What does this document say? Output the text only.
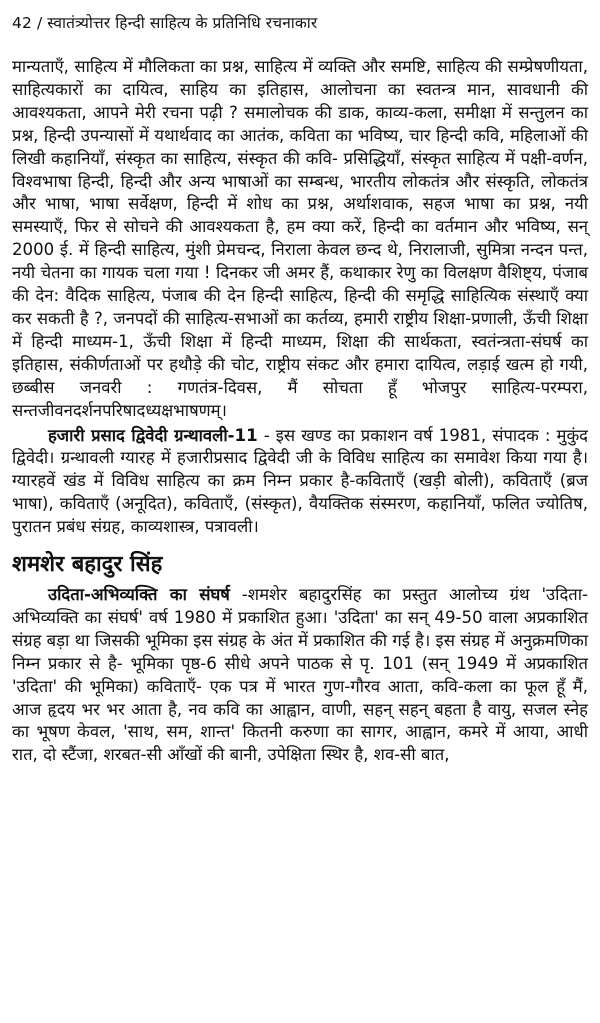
42 / स्वातंत्र्योत्तर हिन्दी साहित्य के प्रतिनिधि रचनाकार

मान्यताएँ, साहित्य में मौलिकता का प्रश्न, साहित्य में व्यक्ति और समष्टि, साहित्य की सम्प्रेषणीयता, साहित्यकारों का दायित्व, साहिय का इतिहास, आलोचना का स्वतन्त्र मान, सावधानी की आवश्यकता, आपने मेरी रचना पढ़ी ? समालोचक की डाक, काव्य-कला, समीक्षा में सन्तुलन का प्रश्न, हिन्दी उपन्यासों में यथार्थवाद का आतंक, कविता का भविष्य, चार हिन्दी कवि, महिलाओं की लिखी कहानियाँ, संस्कृत का साहित्य, संस्कृत की कवि- प्रसिद्धियाँ, संस्कृत साहित्य में पक्षी-वर्णन, विश्वभाषा हिन्दी, हिन्दी और अन्य भाषाओं का सम्बन्ध, भारतीय लोकतंत्र और संस्कृति, लोकतंत्र और भाषा, भाषा सर्वेक्षण, हिन्दी में शोध का प्रश्न, अर्थाशवाक, सहज भाषा का प्रश्न, नयी समस्याएँ, फिर से सोचने की आवश्यकता है, हम क्या करें, हिन्दी का वर्तमान और भविष्य, सन् 2000 ई. में हिन्दी साहित्य, मुंशी प्रेमचन्द, निराला केवल छन्द थे, निरालाजी, सुमित्रा नन्दन पन्त, नयी चेतना का गायक चला गया ! दिनकर जी अमर हैं, कथाकार रेणु का विलक्षण वैशिष्ट्य, पंजाब की देन: वैदिक साहित्य, पंजाब की देन हिन्दी साहित्य, हिन्दी की समृद्धि साहित्यिक संस्थाएँ क्या कर सकती है ?, जनपदों की साहित्य-सभाओं का कर्तव्य, हमारी राष्ट्रीय शिक्षा-प्रणाली, ऊँची शिक्षा में हिन्दी माध्यम-1, ऊँची शिक्षा में हिन्दी माध्यम, शिक्षा की सार्थकता, स्वतंन्त्रता-संघर्ष का इतिहास, संकीर्णताओं पर हथौड़े की चोट, राष्ट्रीय संकट और हमारा दायित्व, लड़ाई खत्म हो गयी, छब्बीस जनवरी : गणतंत्र-दिवस, मैं सोचता हूँ भोजपुर साहित्य-परम्परा, सन्तजीवनदर्शनपरिषादध्यक्षभाषणम्।

हजारी प्रसाद द्विवेदी ग्रन्थावली-11 - इस खण्ड का प्रकाशन वर्ष 1981, संपादक : मुकुंद द्विवेदी। ग्रन्थावली ग्यारह में हजारीप्रसाद द्विवेदी जी के विविध साहित्य का समावेश किया गया है। ग्यारहवें खंड में विविध साहित्य का क्रम निम्न प्रकार है-कविताएँ (खड़ी बोली), कविताएँ (ब्रज भाषा), कविताएँ (अनूदित), कविताएँ, (संस्कृत), वैयक्तिक संस्मरण, कहानियाँ, फलित ज्योतिष, पुरातन प्रबंध संग्रह, काव्यशास्त्र, पत्रावली।

शमशेर बहादुर सिंह

उदिता-अभिव्यक्ति का संघर्ष -शमशेर बहादुरसिंह का प्रस्तुत आलोच्य ग्रंथ 'उदिता-अभिव्यक्ति का संघर्ष' वर्ष 1980 में प्रकाशित हुआ। 'उदिता' का सन् 49-50 वाला अप्रकाशित संग्रह बड़ा था जिसकी भूमिका इस संग्रह के अंत में प्रकाशित की गई है। इस संग्रह में अनुक्रमणिका निम्न प्रकार से है- भूमिका पृष्ठ-6 सीधे अपने पाठक से पृ. 101 (सन् 1949 में अप्रकाशित 'उदिता' की भूमिका) कविताएँ- एक पत्र में भारत गुण-गौरव आता, कवि-कला का फूल हूँ मैं, आज हृदय भर भर आता है, नव कवि का आह्वान, वाणी, सहन् सहन् बहता है वायु, सजल स्नेह का भूषण केवल, 'साथ, सम, शान्त' कितनी करुणा का सागर, आह्वान, कमरे में आया, आधी रात, दो स्टैंजा, शरबत-सी आँखों की बानी, उपेक्षिता स्थिर है, शव-सी बात,
